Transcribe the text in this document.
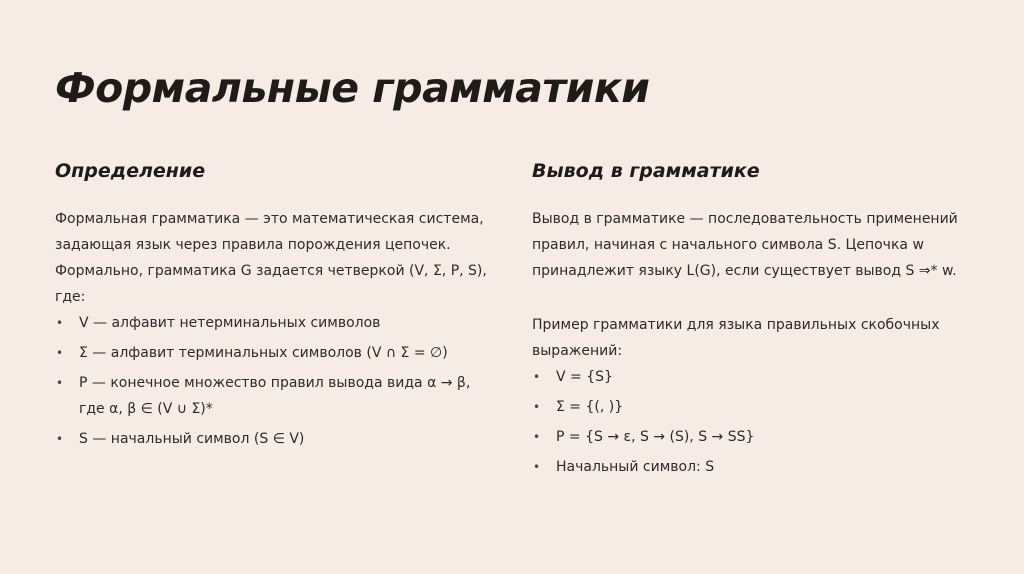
Формальные грамматики
Определение

Формальная грамматика — это математическая система, задающая язык через правила порождения цепочек. Формально, грамматика G задается четверкой (V, Σ, P, S), где:

• V — алфавит нетерминальных символов
• Σ — алфавит терминальных символов (V ∩ Σ = ∅)
• P — конечное множество правил вывода вида α → β, где α, β ∈ (V ∪ Σ)*
• S — начальный символ (S ∈ V)
Вывод в грамматике

Вывод в грамматике — последовательность применений правил, начиная с начального символа S. Цепочка w принадлежит языку L(G), если существует вывод S ⇒* w.

Пример грамматики для языка правильных скобочных выражений:

• V = {S}
• Σ = {(, )}
• P = {S → ε, S → (S), S → SS}
• Начальный символ: S
